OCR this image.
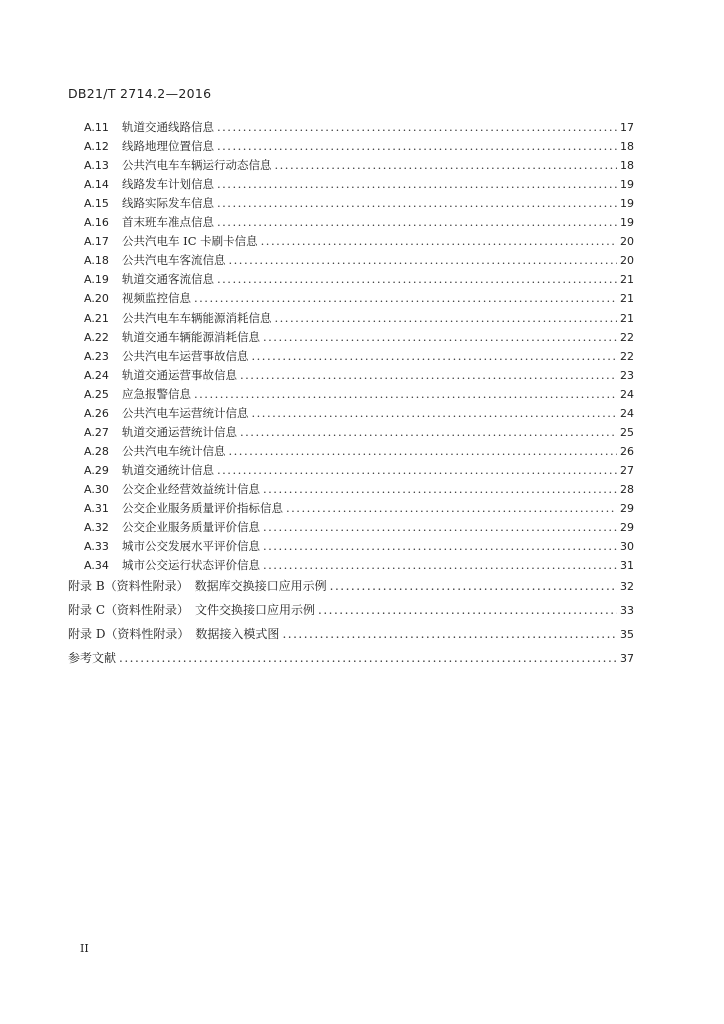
DB21/T 2714.2—2016
A.11	轨道交通线路信息 .....	17
A.12	线路地理位置信息 .....	18
A.13	公共汽电车车辆运行动态信息 .....	18
A.14	线路发车计划信息 .....	19
A.15	线路实际发车信息 .....	19
A.16	首末班车准点信息 .....	19
A.17	公共汽电车 IC 卡刷卡信息 .....	20
A.18	公共汽电车客流信息 .....	20
A.19	轨道交通客流信息 .....	21
A.20	视频监控信息 .....	21
A.21	公共汽电车车辆能源消耗信息 .....	21
A.22	轨道交通车辆能源消耗信息 .....	22
A.23	公共汽电车运营事故信息 .....	22
A.24	轨道交通运营事故信息 .....	23
A.25	应急报警信息 .....	24
A.26	公共汽电车运营统计信息 .....	24
A.27	轨道交通运营统计信息 .....	25
A.28	公共汽电车统计信息 .....	26
A.29	轨道交通统计信息 .....	27
A.30	公交企业经营效益统计信息 .....	28
A.31	公交企业服务质量评价指标信息 .....	29
A.32	公交企业服务质量评价信息 .....	29
A.33	城市公交发展水平评价信息 .....	30
A.34	城市公交运行状态评价信息 .....	31
附录 B（资料性附录）　数据库交换接口应用示例 .....	32
附录 C（资料性附录）　文件交换接口应用示例 .....	33
附录 D（资料性附录）　数据接入模式图 .....	35
参考文献 .....	37
II
